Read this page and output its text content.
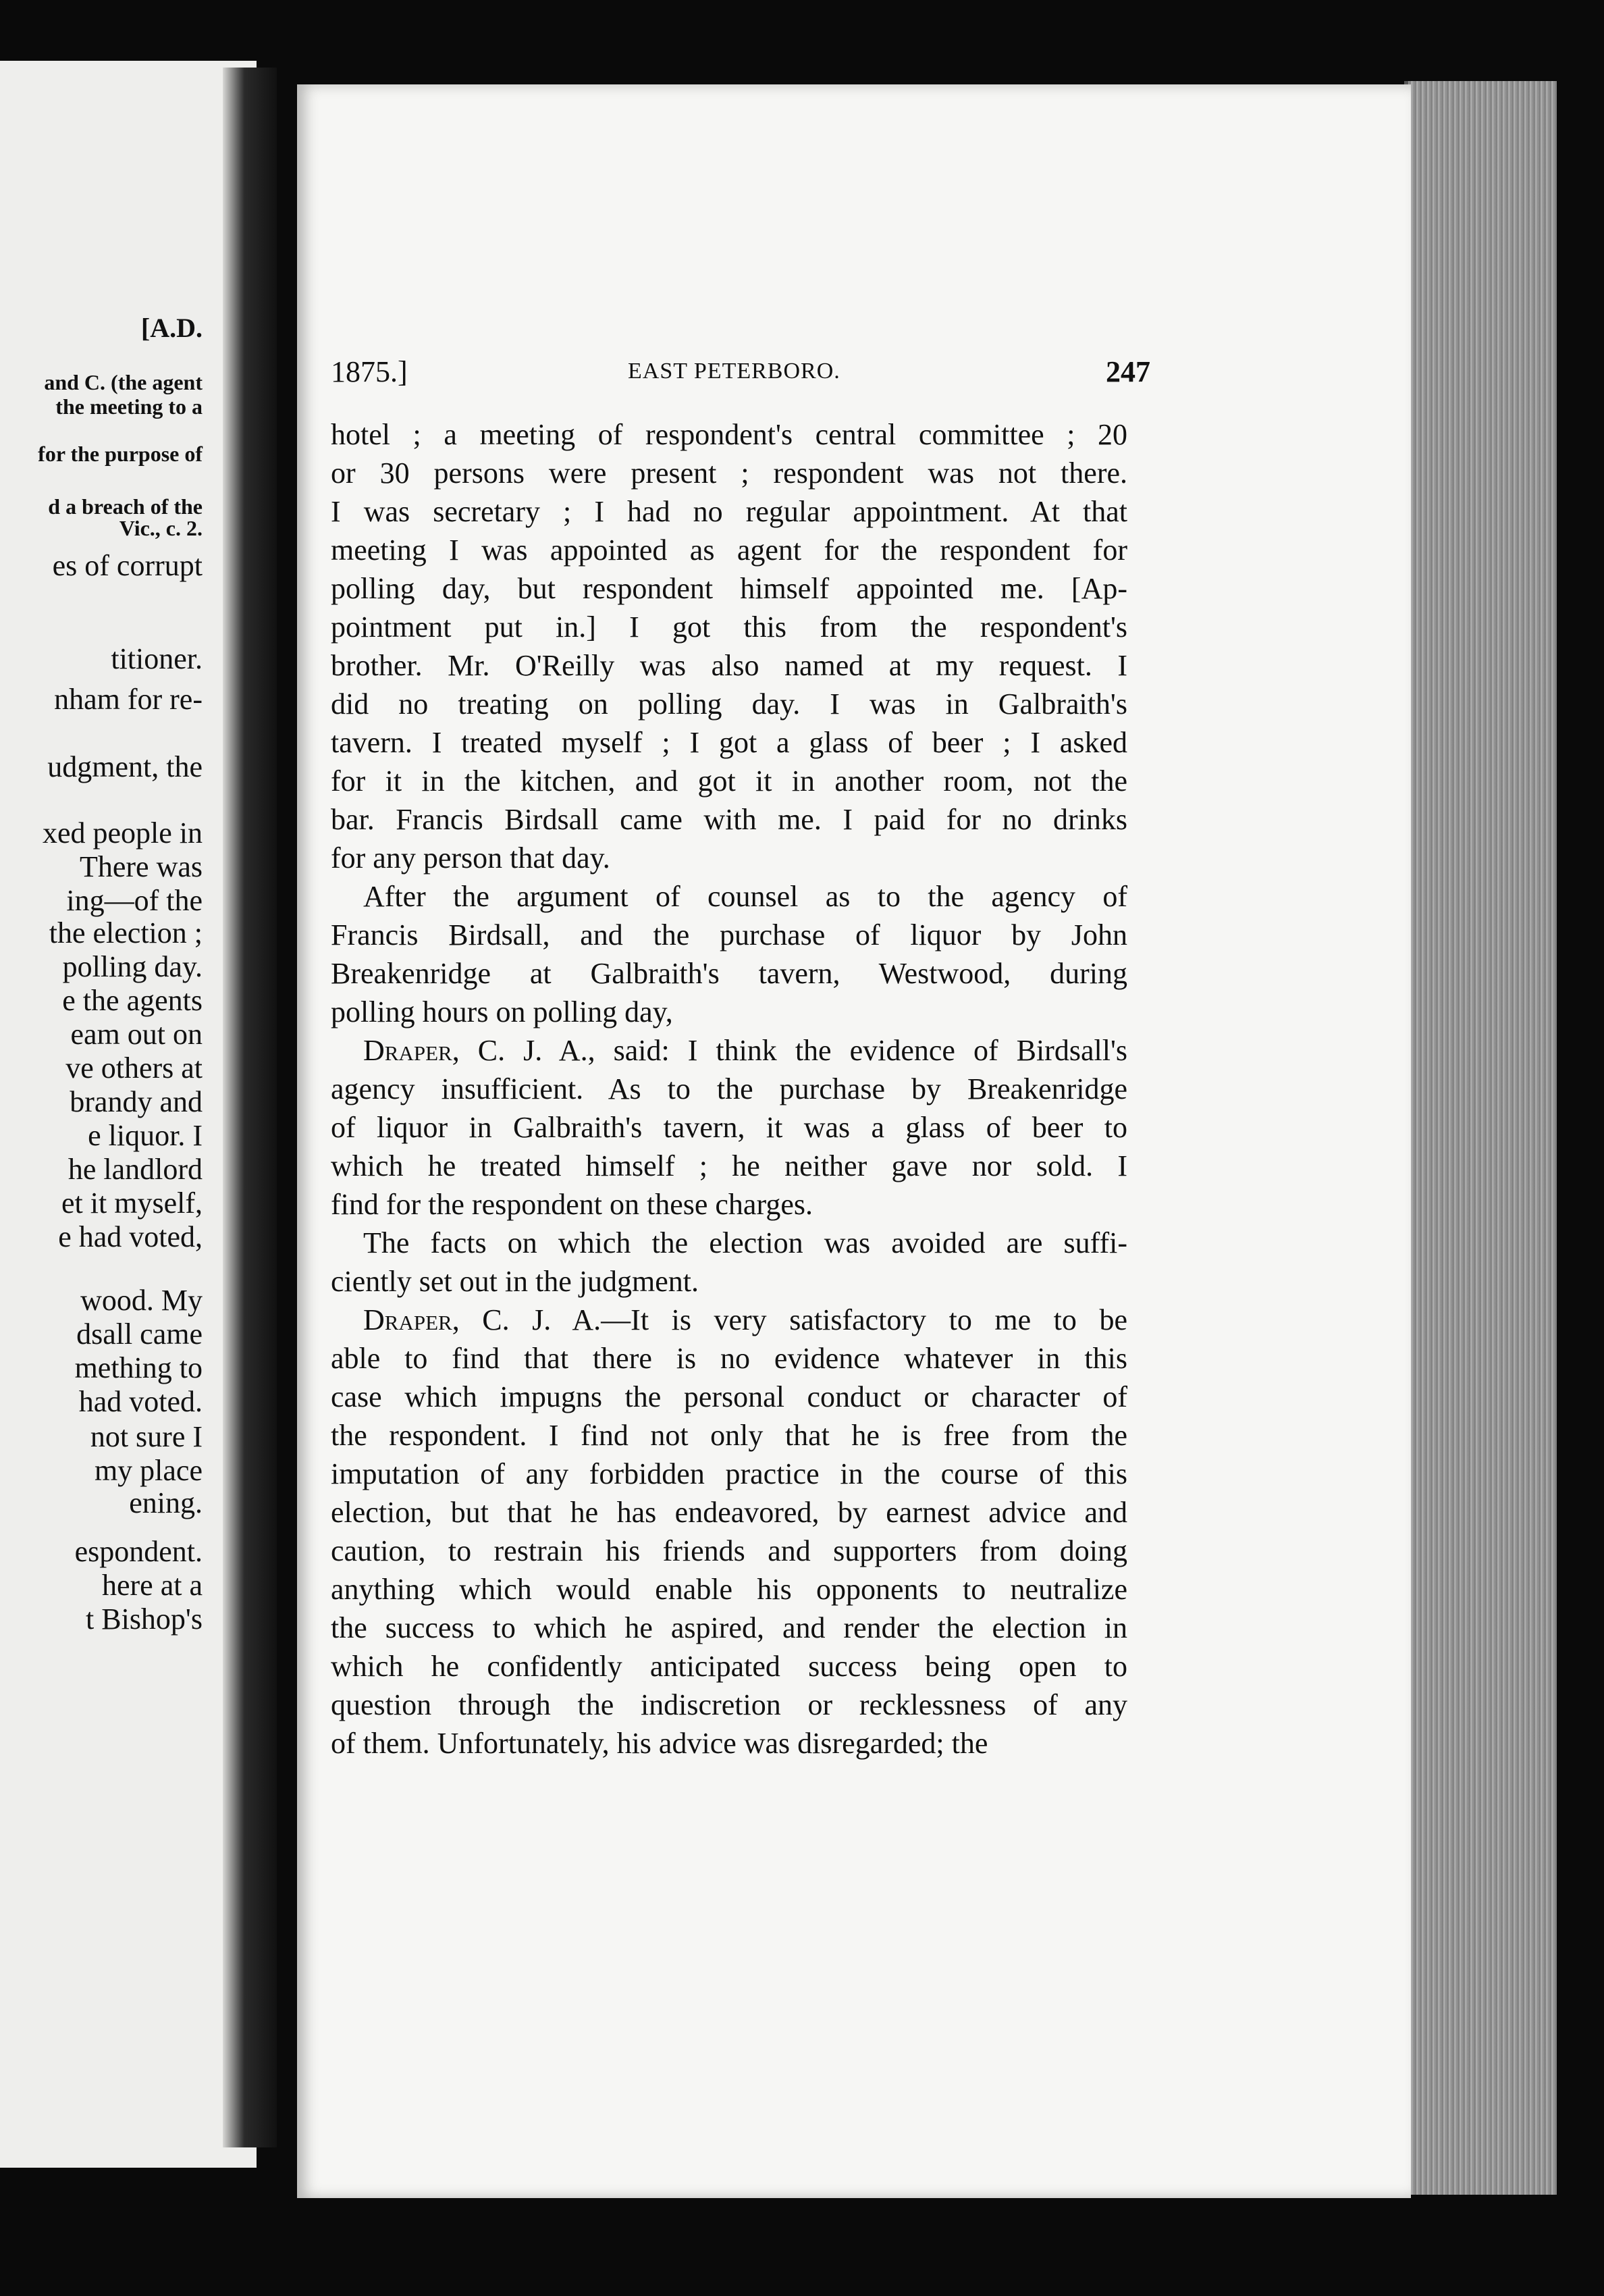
[A.D.
and C. (the agent
the meeting to a
for the purpose of
d a breach of the
Vic., c. 2.
es of corrupt
titioner.
nham for re-
udgment, the
xed people in
There was
ing—of the
the election ;
polling day.
e the agents
eam out on
ve others at
brandy and
e liquor. I
he landlord
et it myself,
e had voted,
wood. My
dsall came
mething to
had voted.
not sure I
my place
ening.
espondent.
here at a
t Bishop's
1875.]	EAST PETERBORO.	247

hotel ; a meeting of respondent's central committee ; 20
or 30 persons were present ; respondent was not there.
I was secretary ; I had no regular appointment. At that
meeting I was appointed as agent for the respondent for
polling day, but respondent himself appointed me. [Ap-
pointment put in.] I got this from the respondent's
brother. Mr. O'Reilly was also named at my request. I
did no treating on polling day. I was in Galbraith's
tavern. I treated myself ; I got a glass of beer ; I asked
for it in the kitchen, and got it in another room, not the
bar. Francis Birdsall came with me. I paid for no drinks
for any person that day.

After the argument of counsel as to the agency of
Francis Birdsall, and the purchase of liquor by John
Breakenridge at Galbraith's tavern, Westwood, during
polling hours on polling day,

Draper, C. J. A., said: I think the evidence of Birdsall's
agency insufficient. As to the purchase by Breakenridge
of liquor in Galbraith's tavern, it was a glass of beer to
which he treated himself ; he neither gave nor sold. I
find for the respondent on these charges.

The facts on which the election was avoided are suffi-
ciently set out in the judgment.

Draper, C. J. A.—It is very satisfactory to me to be
able to find that there is no evidence whatever in this
case which impugns the personal conduct or character of
the respondent. I find not only that he is free from the
imputation of any forbidden practice in the course of this
election, but that he has endeavored, by earnest advice and
caution, to restrain his friends and supporters from doing
anything which would enable his opponents to neutralize
the success to which he aspired, and render the election in
which he confidently anticipated success being open to
question through the indiscretion or recklessness of any
of them. Unfortunately, his advice was disregarded; the
